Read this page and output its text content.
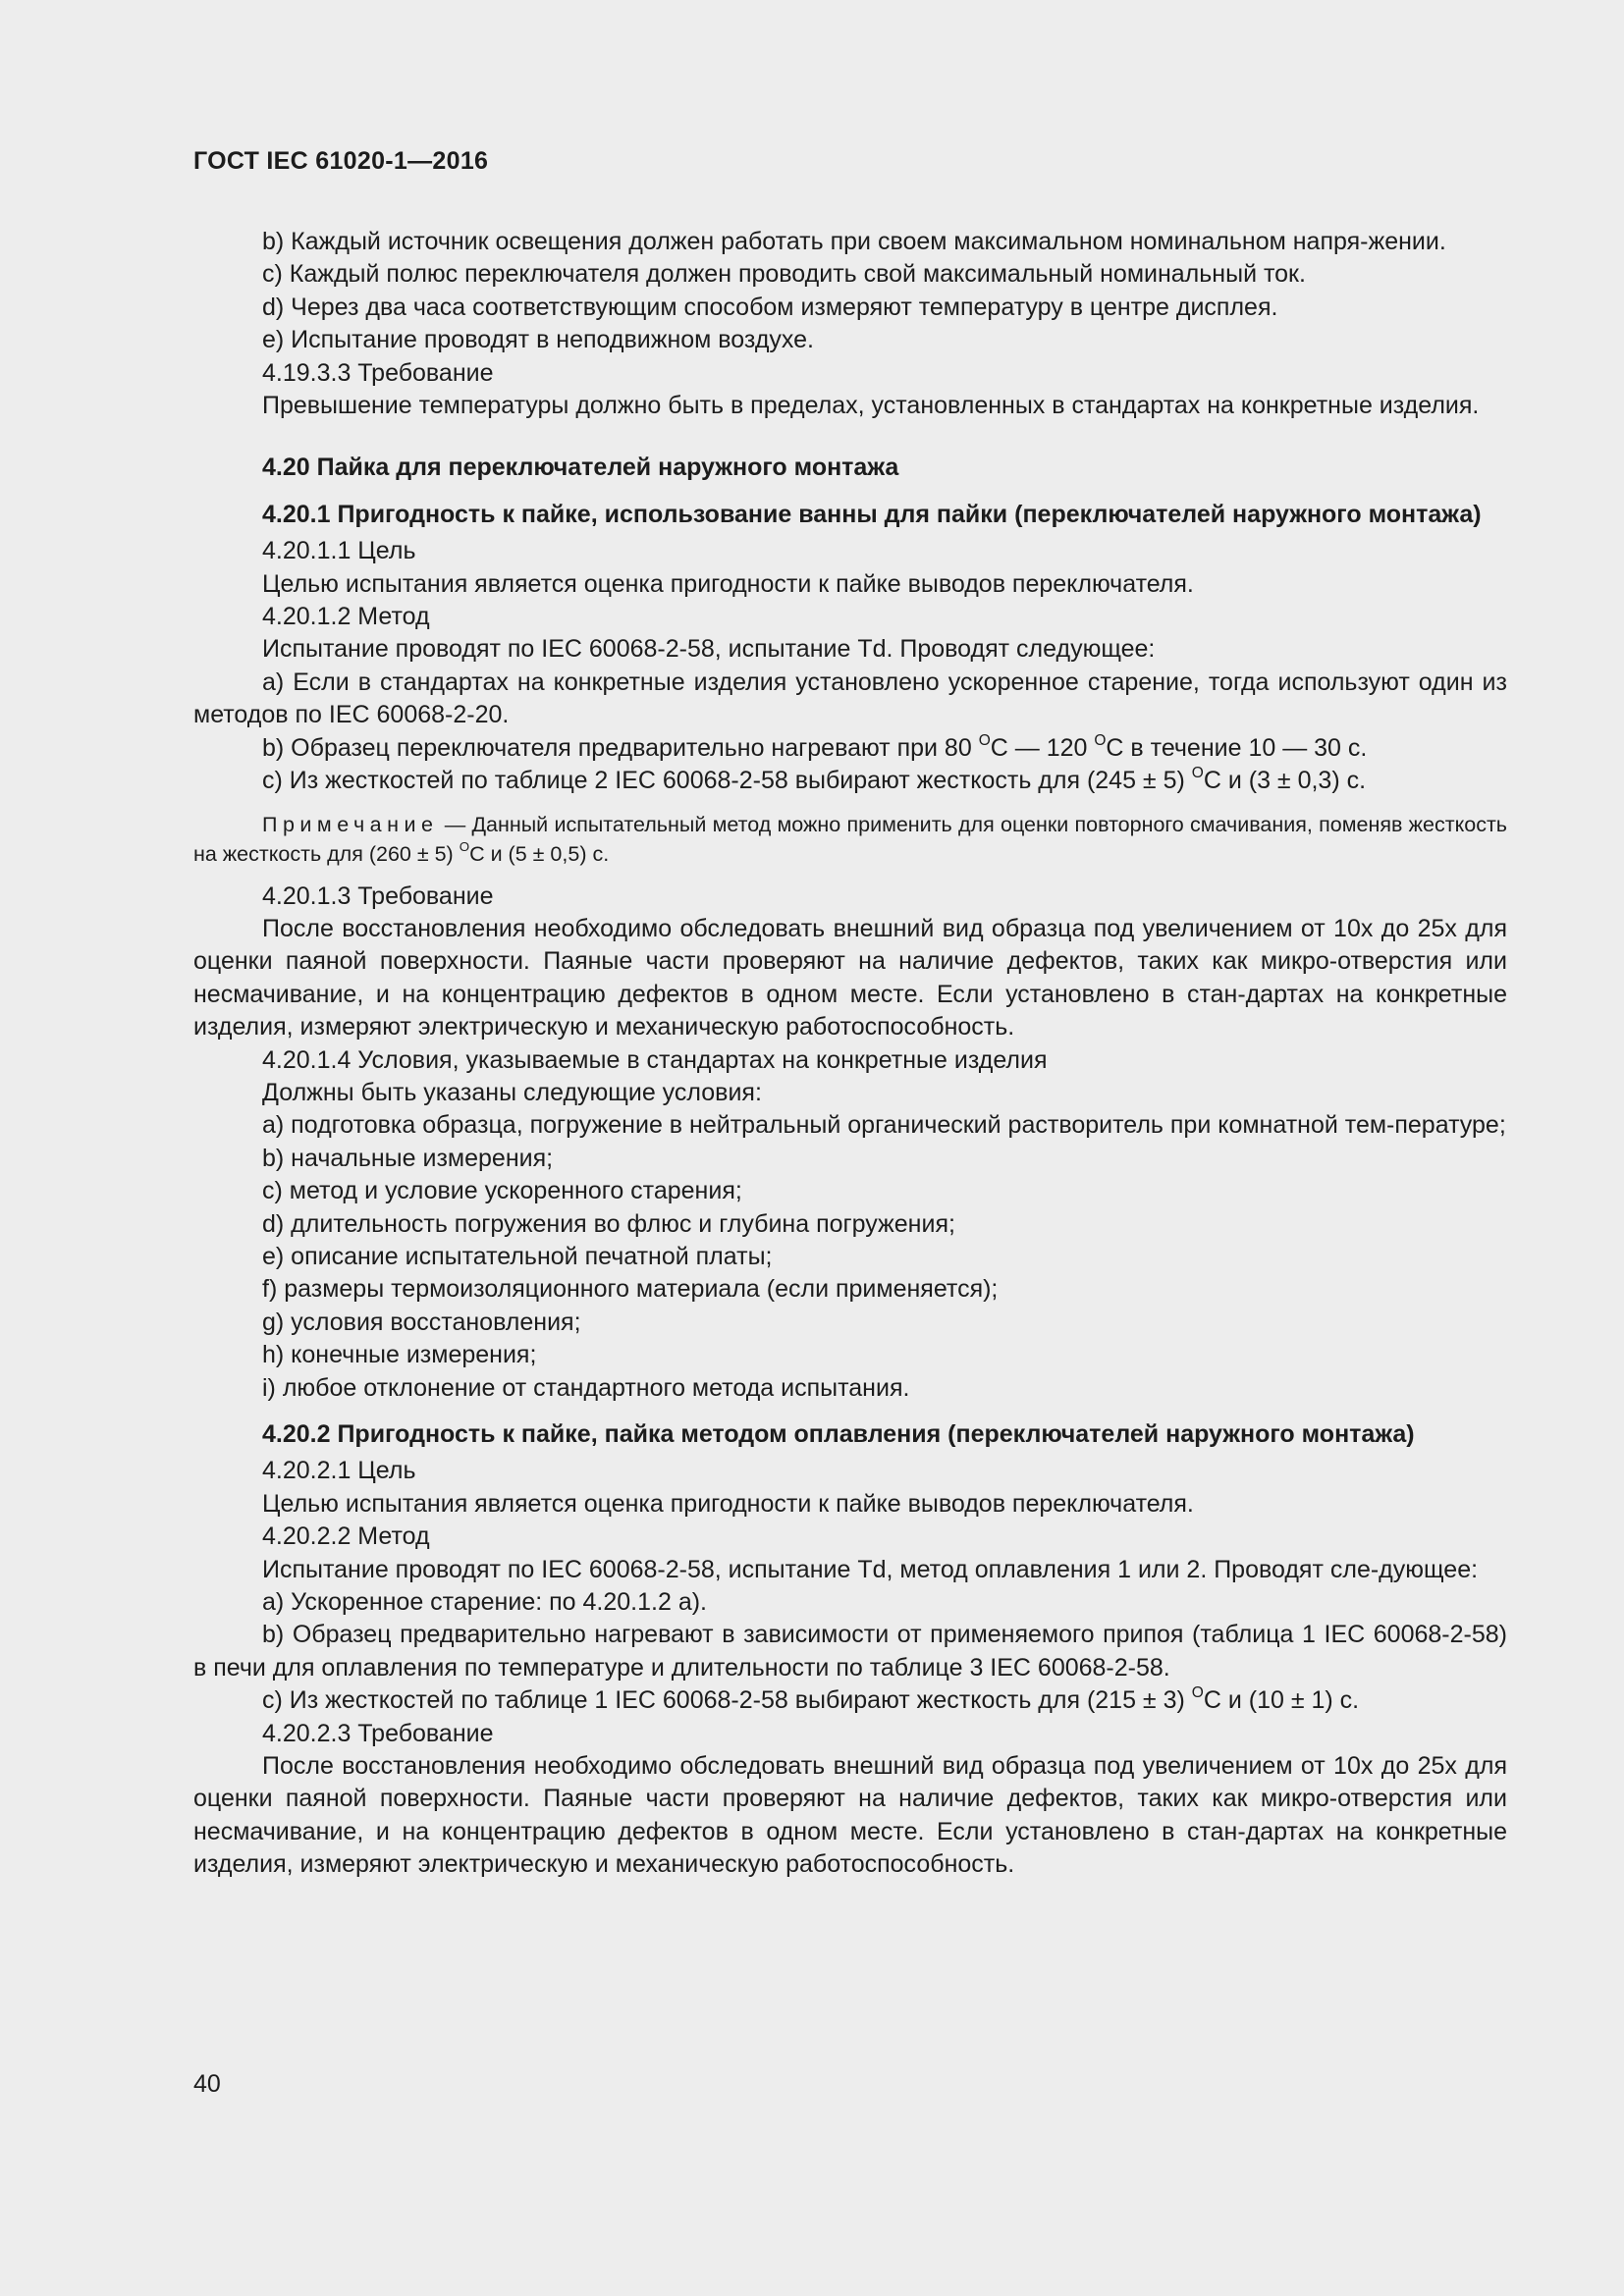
ГОСТ IEC 61020-1—2016

b) Каждый источник освещения должен работать при своем максимальном номинальном напря-жении.

c) Каждый полюс переключателя должен проводить свой максимальный номинальный ток.

d) Через два часа соответствующим способом измеряют температуру в центре дисплея.

e) Испытание проводят в неподвижном воздухе.

4.19.3.3 Требование

Превышение температуры должно быть в пределах, установленных в стандартах на конкретные изделия.

4.20 Пайка для переключателей наружного монтажа

4.20.1 Пригодность к пайке, использование ванны для пайки (переключателей наружного монтажа)

4.20.1.1 Цель

Целью испытания является оценка пригодности к пайке выводов переключателя.

4.20.1.2 Метод

Испытание проводят по IEC 60068-2-58, испытание Td. Проводят следующее:

a) Если в стандартах на конкретные изделия установлено ускоренное старение, тогда используют один из методов по IEC 60068-2-20.

b) Образец переключателя предварительно нагревают при 80 $^О$C — 120 $^О$C в течение 10 — 30 с.

c) Из жесткостей по таблице 2 IEC 60068-2-58 выбирают жесткость для (245 ± 5) $^О$C и (3 ± 0,3) с.

Примечание — Данный испытательный метод можно применить для оценки повторного смачивания, поменяв жесткость на жесткость для (260 ± 5) $^О$C и (5 ± 0,5) с.

4.20.1.3 Требование

После восстановления необходимо обследовать внешний вид образца под увеличением от 10х до 25х для оценки паяной поверхности. Паяные части проверяют на наличие дефектов, таких как микро-отверстия или несмачивание, и на концентрацию дефектов в одном месте. Если установлено в стан-дартах на конкретные изделия, измеряют электрическую и механическую работоспособность.

4.20.1.4 Условия, указываемые в стандартах на конкретные изделия

Должны быть указаны следующие условия:

a) подготовка образца, погружение в нейтральный органический растворитель при комнатной тем-пературе;

b) начальные измерения;

c) метод и условие ускоренного старения;

d) длительность погружения во флюс и глубина погружения;

e) описание испытательной печатной платы;

f) размеры термоизоляционного материала (если применяется);

g) условия восстановления;

h) конечные измерения;

i) любое отклонение от стандартного метода испытания.

4.20.2 Пригодность к пайке, пайка методом оплавления (переключателей наружного монтажа)

4.20.2.1 Цель

Целью испытания является оценка пригодности к пайке выводов переключателя.

4.20.2.2 Метод

Испытание проводят по IEC 60068-2-58, испытание Td, метод оплавления 1 или 2. Проводят сле-дующее:

a) Ускоренное старение: по 4.20.1.2 a).

b) Образец предварительно нагревают в зависимости от применяемого припоя (таблица 1 IEC 60068-2-58) в печи для оплавления по температуре и длительности по таблице 3 IEC 60068-2-58.

c) Из жесткостей по таблице 1 IEC 60068-2-58 выбирают жесткость для (215 ± 3) $^О$C и (10 ± 1) с.

4.20.2.3 Требование

После восстановления необходимо обследовать внешний вид образца под увеличением от 10х до 25х для оценки паяной поверхности. Паяные части проверяют на наличие дефектов, таких как микро-отверстия или несмачивание, и на концентрацию дефектов в одном месте. Если установлено в стан-дартах на конкретные изделия, измеряют электрическую и механическую работоспособность.

40
